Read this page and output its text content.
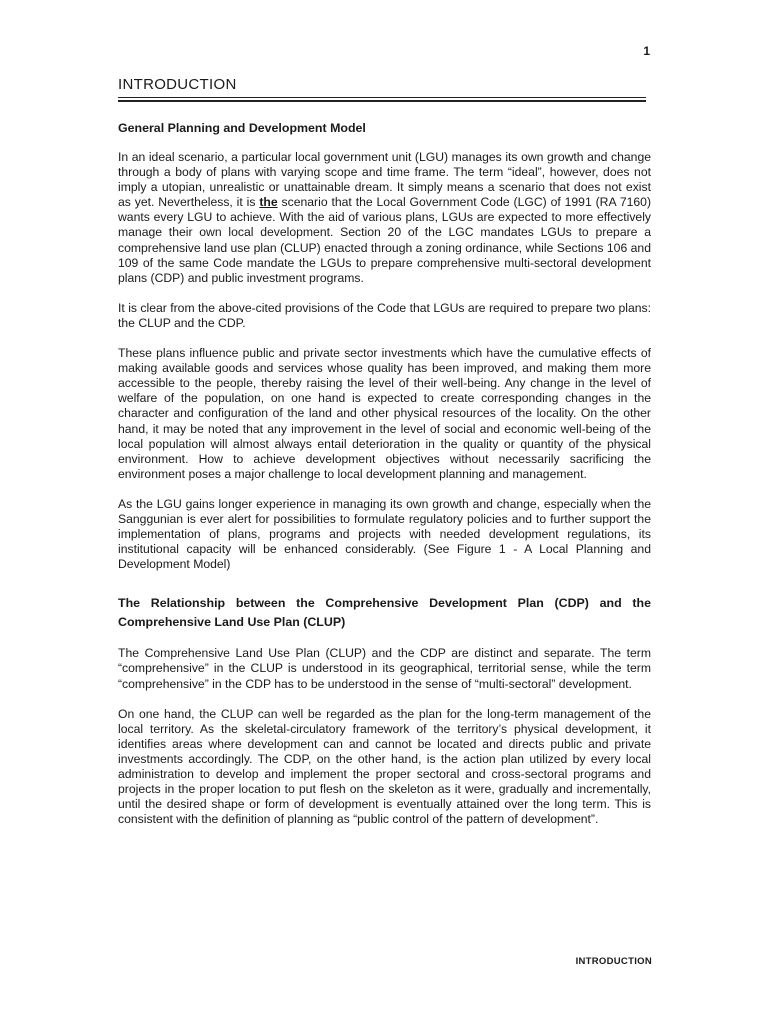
1
INTRODUCTION
General Planning and Development Model

In an ideal scenario, a particular local government unit (LGU) manages its own growth and change through a body of plans with varying scope and time frame. The term “ideal”, however, does not imply a utopian, unrealistic or unattainable dream. It simply means a scenario that does not exist as yet. Nevertheless, it is the scenario that the Local Government Code (LGC) of 1991 (RA 7160) wants every LGU to achieve. With the aid of various plans, LGUs are expected to more effectively manage their own local development. Section 20 of the LGC mandates LGUs to prepare a comprehensive land use plan (CLUP) enacted through a zoning ordinance, while Sections 106 and 109 of the same Code mandate the LGUs to prepare comprehensive multi-sectoral development plans (CDP) and public investment programs.

It is clear from the above-cited provisions of the Code that LGUs are required to prepare two plans: the CLUP and the CDP.

These plans influence public and private sector investments which have the cumulative effects of making available goods and services whose quality has been improved, and making them more accessible to the people, thereby raising the level of their well-being. Any change in the level of welfare of the population, on one hand is expected to create corresponding changes in the character and configuration of the land and other physical resources of the locality. On the other hand, it may be noted that any improvement in the level of social and economic well-being of the local population will almost always entail deterioration in the quality or quantity of the physical environment. How to achieve development objectives without necessarily sacrificing the environment poses a major challenge to local development planning and management.

As the LGU gains longer experience in managing its own growth and change, especially when the Sanggunian is ever alert for possibilities to formulate regulatory policies and to further support the implementation of plans, programs and projects with needed development regulations, its institutional capacity will be enhanced considerably. (See Figure 1 - A Local Planning and Development Model)

The Relationship between the Comprehensive Development Plan (CDP) and the Comprehensive Land Use Plan (CLUP)

The Comprehensive Land Use Plan (CLUP) and the CDP are distinct and separate. The term “comprehensive” in the CLUP is understood in its geographical, territorial sense, while the term “comprehensive” in the CDP has to be understood in the sense of “multi-sectoral” development.

On one hand, the CLUP can well be regarded as the plan for the long-term management of the local territory. As the skeletal-circulatory framework of the territory’s physical development, it identifies areas where development can and cannot be located and directs public and private investments accordingly. The CDP, on the other hand, is the action plan utilized by every local administration to develop and implement the proper sectoral and cross-sectoral programs and projects in the proper location to put flesh on the skeleton as it were, gradually and incrementally, until the desired shape or form of development is eventually attained over the long term. This is consistent with the definition of planning as “public control of the pattern of development”.

INTRODUCTION
